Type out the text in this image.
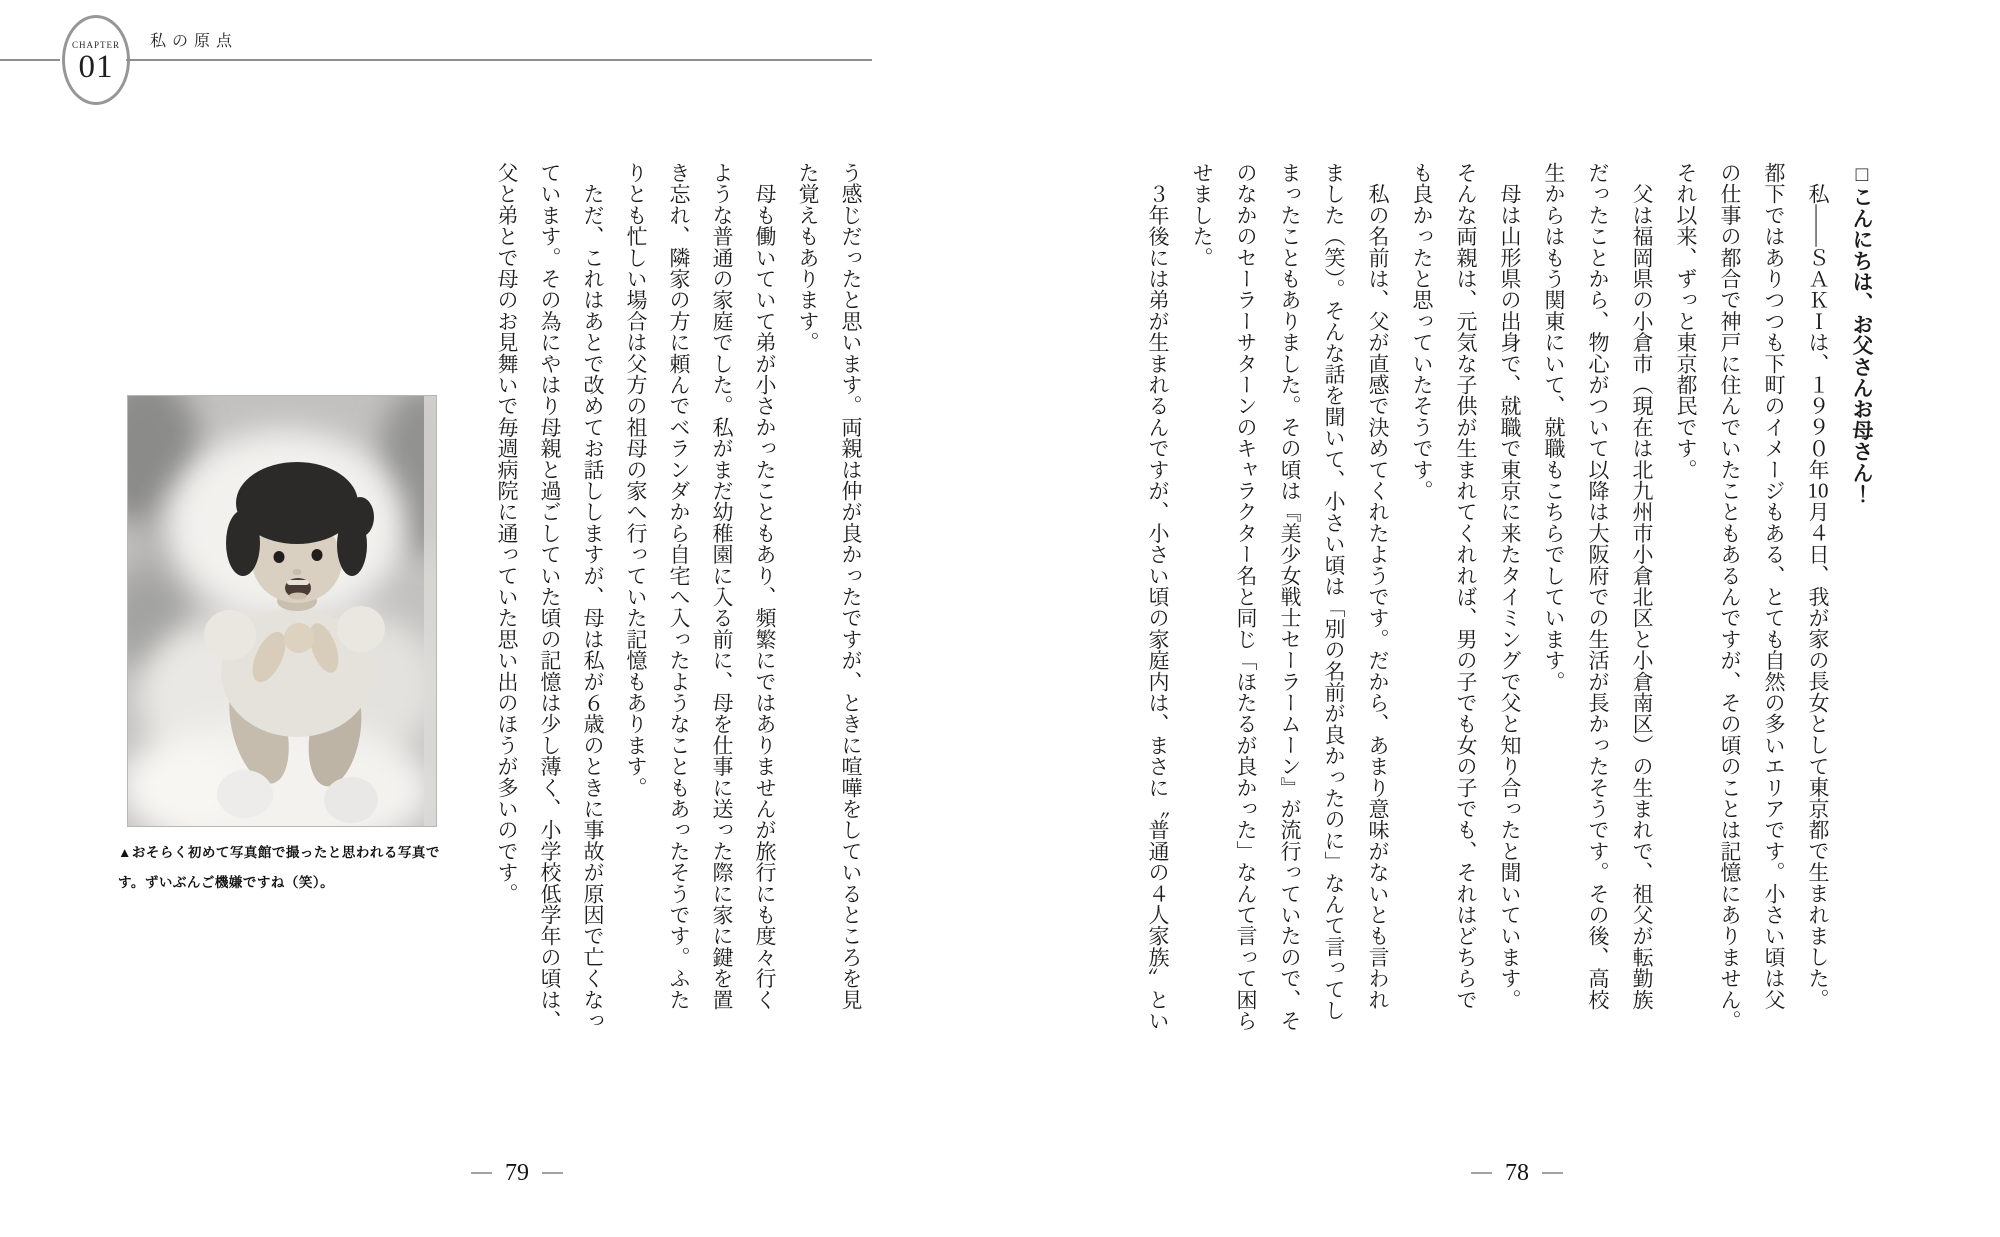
CHAPTER
01
私の原点
▲おそらく初めて写真館で撮ったと思われる写真で
す。ずいぶんご機嫌ですね（笑）。

□こんにちは、お父さんお母さん！

　私――ＳＡＫＩは、１９９０年10月４日、我が家の長女として東京都で生まれました。

都下ではありつつも下町のイメージもある、とても自然の多いエリアです。小さい頃は父

の仕事の都合で神戸に住んでいたこともあるんですが、その頃のことは記憶にありません。

それ以来、ずっと東京都民です。

　父は福岡県の小倉市（現在は北九州市小倉北区と小倉南区）の生まれで、祖父が転勤族

だったことから、物心がついて以降は大阪府での生活が長かったそうです。その後、高校

生からはもう関東にいて、就職もこちらでしています。

　母は山形県の出身で、就職で東京に来たタイミングで父と知り合ったと聞いています。

そんな両親は、元気な子供が生まれてくれれば、男の子でも女の子でも、それはどちらで

も良かったと思っていたそうです。

　私の名前は、父が直感で決めてくれたようです。だから、あまり意味がないとも言われ

ました（笑）。そんな話を聞いて、小さい頃は「別の名前が良かったのに」なんて言ってし

まったこともありました。その頃は『美少女戦士セーラームーン』が流行っていたので、そ

のなかのセーラーサターンのキャラクター名と同じ「ほたるが良かった」なんて言って困ら

せました。

　３年後には弟が生まれるんですが、小さい頃の家庭内は、まさに〝普通の４人家族〟とい

う感じだったと思います。両親は仲が良かったですが、ときに喧嘩をしているところを見

た覚えもあります。

　母も働いていて弟が小さかったこともあり、頻繁にではありませんが旅行にも度々行く

ような普通の家庭でした。私がまだ幼稚園に入る前に、母を仕事に送った際に家に鍵を置

き忘れ、隣家の方に頼んでベランダから自宅へ入ったようなこともあったそうです。ふた

りとも忙しい場合は父方の祖母の家へ行っていた記憶もあります。

　ただ、これはあとで改めてお話ししますが、母は私が６歳のときに事故が原因で亡くなっ

ています。その為にやはり母親と過ごしていた頃の記憶は少し薄く、小学校低学年の頃は、

父と弟とで母のお見舞いで毎週病院に通っていた思い出のほうが多いのです。

79	78
